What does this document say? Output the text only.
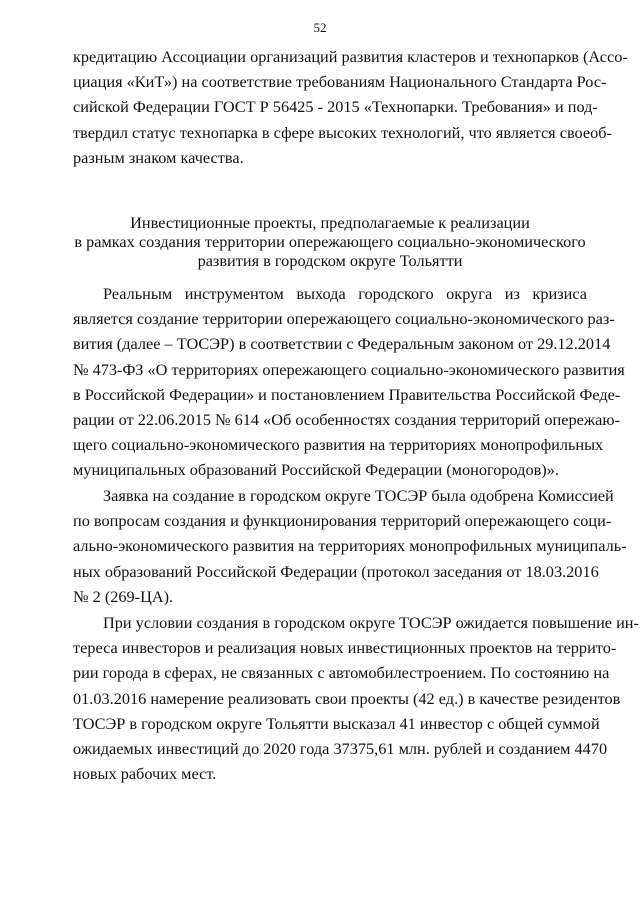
52
кредитацию Ассоциации организаций развития кластеров и технопарков (Ассо-
циация «КиТ») на соответствие требованиям Национального Стандарта Рос-
сийской Федерации ГОСТ Р 56425 - 2015 «Технопарки. Требования» и под-
твердил статус технопарка в сфере высоких технологий, что является своеоб-
разным знаком качества.
Инвестиционные проекты, предполагаемые к реализации
в рамках создания территории опережающего социально-экономического
развития в городском округе Тольятти
Реальным инструментом выхода городского округа из кризиса
является создание территории опережающего социально-экономического раз-
вития (далее – ТОСЭР) в соответствии с Федеральным законом от 29.12.2014
№ 473-ФЗ «О территориях опережающего социально-экономического развития
в Российской Федерации» и постановлением Правительства Российской Феде-
рации от 22.06.2015 № 614 «Об особенностях создания территорий опережаю-
щего социально-экономического развития на территориях монопрофильных
муниципальных образований Российской Федерации (моногородов)».
Заявка на создание в городском округе ТОСЭР была одобрена Комиссией
по вопросам создания и функционирования территорий опережающего соци-
ально-экономического развития на территориях монопрофильных муниципаль-
ных образований Российской Федерации (протокол заседания от 18.03.2016
№ 2 (269-ЦА).
При условии создания в городском округе ТОСЭР ожидается повышение ин-
тереса инвесторов и реализация новых инвестиционных проектов на террито-
рии города в сферах, не связанных с автомобилестроением. По состоянию на
01.03.2016 намерение реализовать свои проекты (42 ед.) в качестве резидентов
ТОСЭР в городском округе Тольятти высказал 41 инвестор с общей суммой
ожидаемых инвестиций до 2020 года 37375,61 млн. рублей и созданием 4470
новых рабочих мест.
